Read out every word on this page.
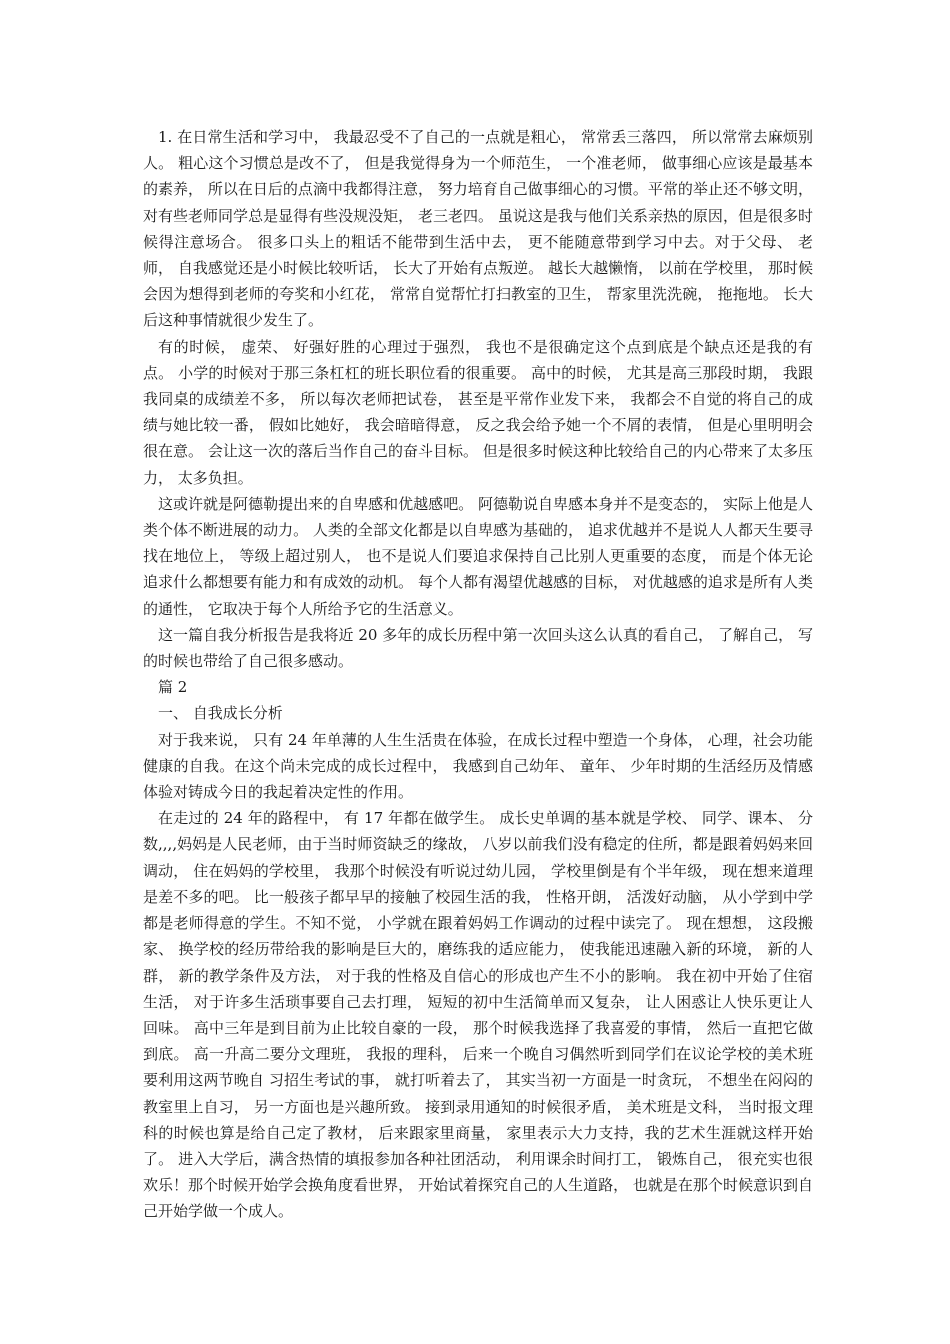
1. 在日常生活和学习中， 我最忍受不了自己的一点就是粗心， 常常丢三落四， 所以常常去麻烦别人。 粗心这个习惯总是改不了， 但是我觉得身为一个师范生， 一个准老师， 做事细心应该是最基本的素养， 所以在日后的点滴中我都得注意， 努力培育自己做事细心的习惯。平常的举止还不够文明， 对有些老师同学总是显得有些没规没矩， 老三老四。 虽说这是我与他们关系亲热的原因，但是很多时候得注意场合。 很多口头上的粗话不能带到生活中去， 更不能随意带到学习中去。对于父母、 老师， 自我感觉还是小时候比较听话， 长大了开始有点叛逆。 越长大越懒惰， 以前在学校里， 那时候会因为想得到老师的夸奖和小红花， 常常自觉帮忙打扫教室的卫生， 帮家里洗洗碗， 拖拖地。 长大后这种事情就很少发生了。

有的时候， 虚荣、 好强好胜的心理过于强烈， 我也不是很确定这个点到底是个缺点还是我的有点。 小学的时候对于那三条杠杠的班长职位看的很重要。 高中的时候， 尤其是高三那段时期， 我跟我同桌的成绩差不多， 所以每次老师把试卷， 甚至是平常作业发下来， 我都会不自觉的将自己的成绩与她比较一番， 假如比她好， 我会暗暗得意， 反之我会给予她一个不屑的表情， 但是心里明明会很在意。 会让这一次的落后当作自己的奋斗目标。 但是很多时候这种比较给自己的内心带来了太多压力， 太多负担。

这或许就是阿德勒提出来的自卑感和优越感吧。 阿德勒说自卑感本身并不是变态的， 实际上他是人类个体不断进展的动力。 人类的全部文化都是以自卑感为基础的， 追求优越并不是说人人都天生要寻找在地位上， 等级上超过别人， 也不是说人们要追求保持自己比别人更重要的态度， 而是个体无论追求什么都想要有能力和有成效的动机。 每个人都有渴望优越感的目标， 对优越感的追求是所有人类的通性， 它取决于每个人所给予它的生活意义。

这一篇自我分析报告是我将近 20 多年的成长历程中第一次回头这么认真的看自己， 了解自己， 写的时候也带给了自己很多感动。

篇 2

一、 自我成长分析

对于我来说， 只有 24 年单薄的人生生活贵在体验，在成长过程中塑造一个身体， 心理，社会功能健康的自我。在这个尚未完成的成长过程中， 我感到自己幼年、 童年、 少年时期的生活经历及情感体验对铸成今日的我起着决定性的作用。

在走过的 24 年的路程中， 有 17 年都在做学生。 成长史单调的基本就是学校、 同学、课本、 分数,,,,妈妈是人民老师，由于当时师资缺乏的缘故， 八岁以前我们没有稳定的住所，都是跟着妈妈来回调动， 住在妈妈的学校里， 我那个时候没有听说过幼儿园， 学校里倒是有个半年级， 现在想来道理是差不多的吧。 比一般孩子都早早的接触了校园生活的我， 性格开朗， 活泼好动脑， 从小学到中学都是老师得意的学生。不知不觉， 小学就在跟着妈妈工作调动的过程中读完了。 现在想想， 这段搬家、 换学校的经历带给我的影响是巨大的，磨练我的适应能力， 使我能迅速融入新的环境， 新的人群， 新的教学条件及方法， 对于我的性格及自信心的形成也产生不小的影响。 我在初中开始了住宿生活， 对于许多生活琐事要自己去打理， 短短的初中生活简单而又复杂， 让人困惑让人快乐更让人回味。 高中三年是到目前为止比较自豪的一段， 那个时候我选择了我喜爱的事情， 然后一直把它做到底。 高一升高二要分文理班， 我报的理科， 后来一个晚自习偶然听到同学们在议论学校的美术班要利用这两节晚自 习招生考试的事， 就打听着去了， 其实当初一方面是一时贪玩， 不想坐在闷闷的教室里上自习， 另一方面也是兴趣所致。 接到录用通知的时候很矛盾， 美术班是文科， 当时报文理科的时候也算是给自己定了教材， 后来跟家里商量， 家里表示大力支持，我的艺术生涯就这样开始了。 进入大学后，满含热情的填报参加各种社团活动， 利用课余时间打工， 锻炼自己， 很充实也很欢乐！那个时候开始学会换角度看世界， 开始试着探究自己的人生道路， 也就是在那个时候意识到自己开始学做一个成人。
